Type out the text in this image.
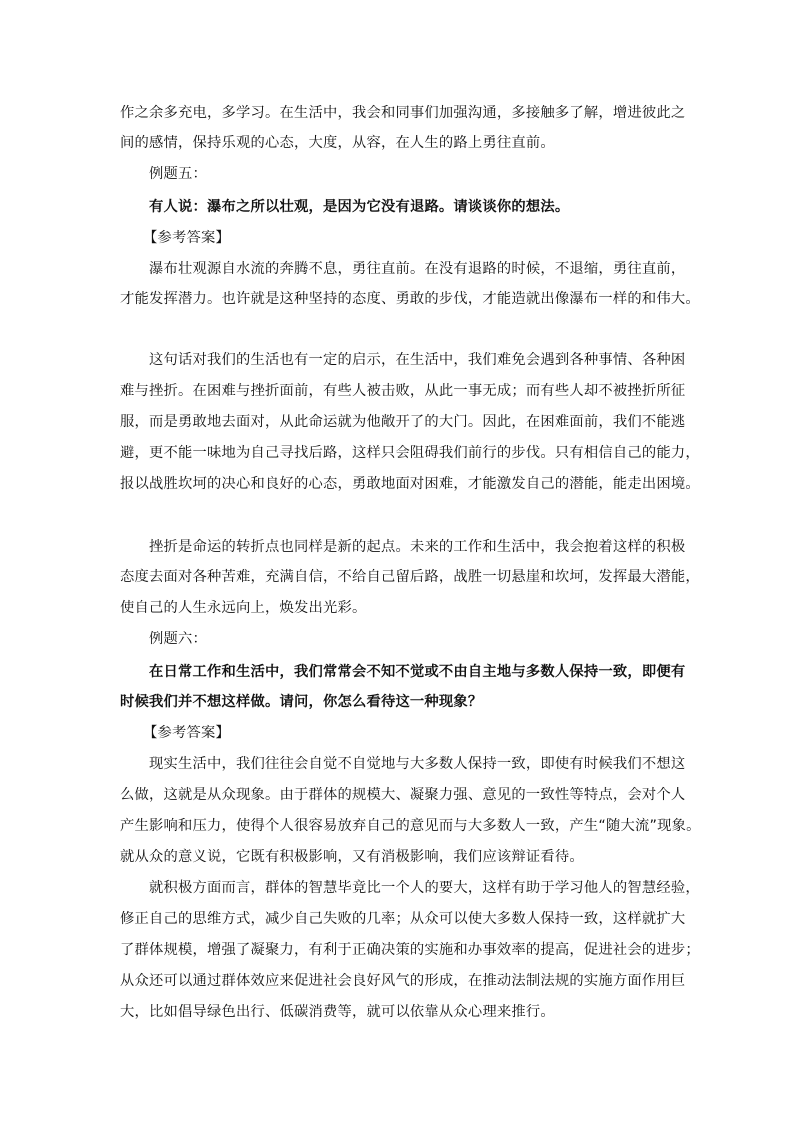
作之余多充电，多学习。在生活中，我会和同事们加强沟通，多接触多了解，增进彼此之
间的感情，保持乐观的心态，大度，从容，在人生的路上勇往直前。
例题五：
有人说：瀑布之所以壮观，是因为它没有退路。请谈谈你的想法。
【参考答案】
瀑布壮观源自水流的奔腾不息，勇往直前。在没有退路的时候，不退缩，勇往直前，
才能发挥潜力。也许就是这种坚持的态度、勇敢的步伐，才能造就出像瀑布一样的和伟大。
这句话对我们的生活也有一定的启示，在生活中，我们难免会遇到各种事情、各种困
难与挫折。在困难与挫折面前，有些人被击败，从此一事无成；而有些人却不被挫折所征
服，而是勇敢地去面对，从此命运就为他敞开了的大门。因此，在困难面前，我们不能逃
避，更不能一味地为自己寻找后路，这样只会阻碍我们前行的步伐。只有相信自己的能力，
报以战胜坎坷的决心和良好的心态，勇敢地面对困难，才能激发自己的潜能，能走出困境。
挫折是命运的转折点也同样是新的起点。未来的工作和生活中，我会抱着这样的积极
态度去面对各种苦难，充满自信，不给自己留后路，战胜一切悬崖和坎坷，发挥最大潜能，
使自己的人生永远向上，焕发出光彩。
例题六：
在日常工作和生活中，我们常常会不知不觉或不由自主地与多数人保持一致，即便有
时候我们并不想这样做。请问，你怎么看待这一种现象？
【参考答案】
现实生活中，我们往往会自觉不自觉地与大多数人保持一致，即使有时候我们不想这
么做，这就是从众现象。由于群体的规模大、凝聚力强、意见的一致性等特点，会对个人
产生影响和压力，使得个人很容易放弃自己的意见而与大多数人一致，产生“随大流”现象。
就从众的意义说，它既有积极影响，又有消极影响，我们应该辩证看待。
就积极方面而言，群体的智慧毕竟比一个人的要大，这样有助于学习他人的智慧经验，
修正自己的思维方式，减少自己失败的几率；从众可以使大多数人保持一致，这样就扩大
了群体规模，增强了凝聚力，有利于正确决策的实施和办事效率的提高，促进社会的进步；
从众还可以通过群体效应来促进社会良好风气的形成，在推动法制法规的实施方面作用巨
大，比如倡导绿色出行、低碳消费等，就可以依靠从众心理来推行。
